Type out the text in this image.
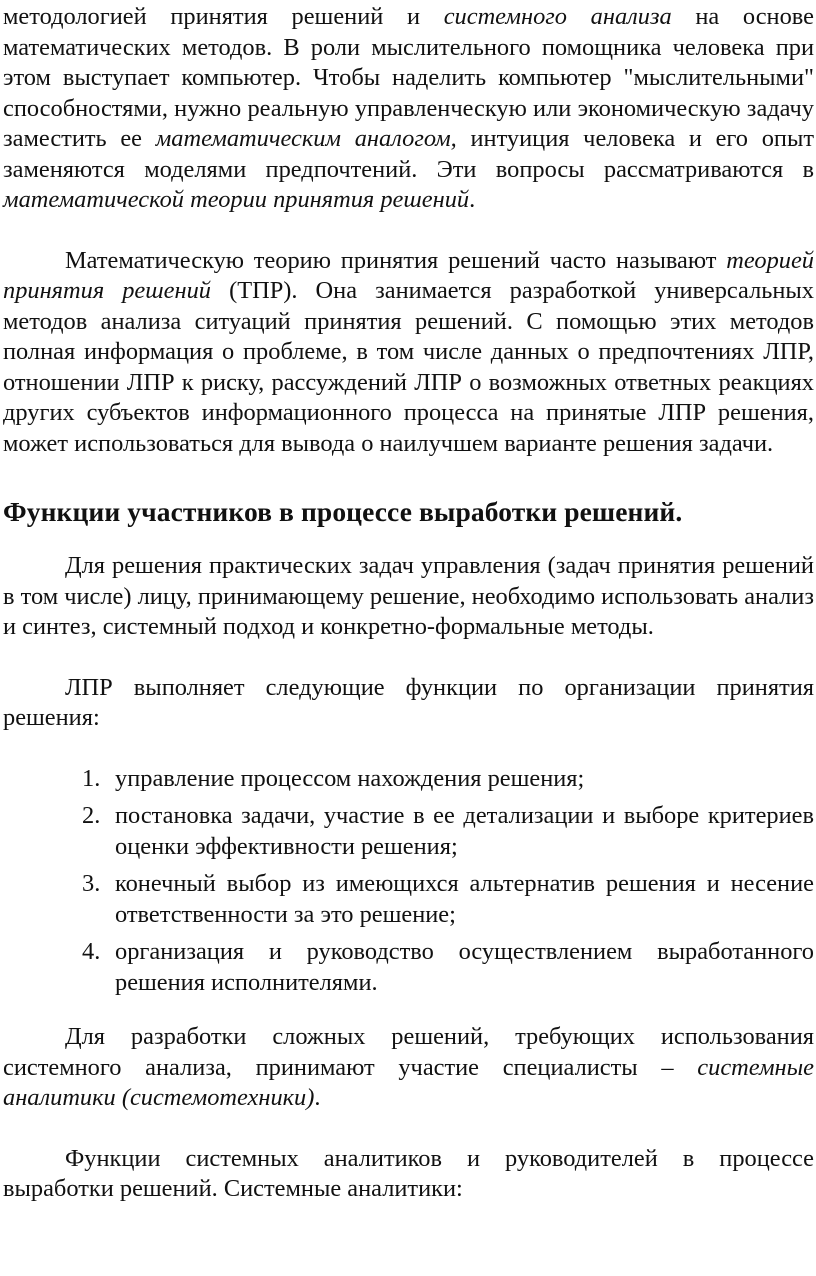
методологией принятия решений и системного анализа на основе математических методов. В роли мыслительного помощника человека при этом выступает компьютер. Чтобы наделить компьютер "мыслительными" способностями, нужно реальную управленческую или экономическую задачу заместить ее математическим аналогом, интуиция человека и его опыт заменяются моделями предпочтений. Эти вопросы рассматриваются в математической теории принятия решений.

Математическую теорию принятия решений часто называют теорией принятия решений (ТПР). Она занимается разработкой универсальных методов анализа ситуаций принятия решений. С помощью этих методов полная информация о проблеме, в том числе данных о предпочтениях ЛПР, отношении ЛПР к риску, рассуждений ЛПР о возможных ответных реакциях других субъектов информационного процесса на принятые ЛПР решения, может использоваться для вывода о наилучшем варианте решения задачи.

Функции участников в процессе выработки решений.

Для решения практических задач управления (задач принятия решений в том числе) лицу, принимающему решение, необходимо использовать анализ и синтез, системный подход и конкретно-формальные методы.

ЛПР выполняет следующие функции по организации принятия решения:

1. управление процессом нахождения решения;
2. постановка задачи, участие в ее детализации и выборе критериев оценки эффективности решения;
3. конечный выбор из имеющихся альтернатив решения и несение ответственности за это решение;
4. организация и руководство осуществлением выработанного решения исполнителями.

Для разработки сложных решений, требующих использования системного анализа, принимают участие специалисты – системные аналитики (системотехники).

Функции системных аналитиков и руководителей в процессе выработки решений. Системные аналитики:
